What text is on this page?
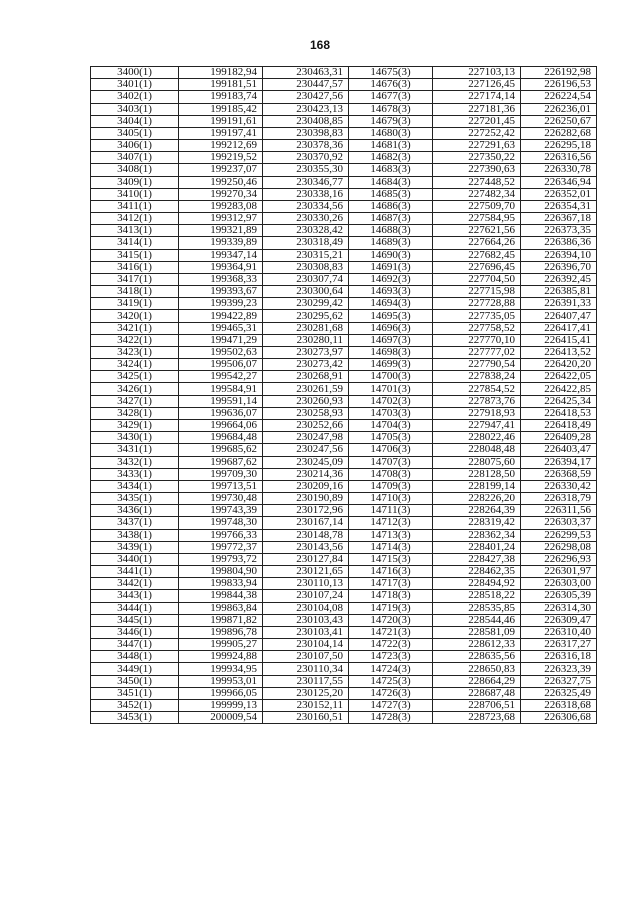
168
3400(1)	199182,94	230463,31	14675(3)	227103,13	226192,98
3401(1)	199181,51	230447,57	14676(3)	227126,45	226196,53
3402(1)	199183,74	230427,56	14677(3)	227174,14	226224,54
3403(1)	199185,42	230423,13	14678(3)	227181,36	226236,01
3404(1)	199191,61	230408,85	14679(3)	227201,45	226250,67
3405(1)	199197,41	230398,83	14680(3)	227252,42	226282,68
3406(1)	199212,69	230378,36	14681(3)	227291,63	226295,18
3407(1)	199219,52	230370,92	14682(3)	227350,22	226316,56
3408(1)	199237,07	230355,30	14683(3)	227390,63	226330,78
3409(1)	199250,46	230346,77	14684(3)	227448,52	226346,94
3410(1)	199270,34	230338,16	14685(3)	227482,34	226352,01
3411(1)	199283,08	230334,56	14686(3)	227509,70	226354,31
3412(1)	199312,97	230330,26	14687(3)	227584,95	226367,18
3413(1)	199321,89	230328,42	14688(3)	227621,56	226373,35
3414(1)	199339,89	230318,49	14689(3)	227664,26	226386,36
3415(1)	199347,14	230315,21	14690(3)	227682,45	226394,10
3416(1)	199364,91	230308,83	14691(3)	227696,45	226396,70
3417(1)	199368,33	230307,74	14692(3)	227704,50	226392,45
3418(1)	199393,67	230300,64	14693(3)	227715,98	226385,81
3419(1)	199399,23	230299,42	14694(3)	227728,88	226391,33
3420(1)	199422,89	230295,62	14695(3)	227735,05	226407,47
3421(1)	199465,31	230281,68	14696(3)	227758,52	226417,41
3422(1)	199471,29	230280,11	14697(3)	227770,10	226415,41
3423(1)	199502,63	230273,97	14698(3)	227777,02	226413,52
3424(1)	199506,07	230273,42	14699(3)	227790,54	226420,20
3425(1)	199542,27	230268,91	14700(3)	227838,24	226422,05
3426(1)	199584,91	230261,59	14701(3)	227854,52	226422,85
3427(1)	199591,14	230260,93	14702(3)	227873,76	226425,34
3428(1)	199636,07	230258,93	14703(3)	227918,93	226418,53
3429(1)	199664,06	230252,66	14704(3)	227947,41	226418,49
3430(1)	199684,48	230247,98	14705(3)	228022,46	226409,28
3431(1)	199685,62	230247,56	14706(3)	228048,48	226403,47
3432(1)	199687,62	230245,09	14707(3)	228075,60	226394,17
3433(1)	199709,30	230214,36	14708(3)	228128,50	226368,59
3434(1)	199713,51	230209,16	14709(3)	228199,14	226330,42
3435(1)	199730,48	230190,89	14710(3)	228226,20	226318,79
3436(1)	199743,39	230172,96	14711(3)	228264,39	226311,56
3437(1)	199748,30	230167,14	14712(3)	228319,42	226303,37
3438(1)	199766,33	230148,78	14713(3)	228362,34	226299,53
3439(1)	199772,37	230143,56	14714(3)	228401,24	226298,08
3440(1)	199793,72	230127,84	14715(3)	228427,38	226296,93
3441(1)	199804,90	230121,65	14716(3)	228462,35	226301,97
3442(1)	199833,94	230110,13	14717(3)	228494,92	226303,00
3443(1)	199844,38	230107,24	14718(3)	228518,22	226305,39
3444(1)	199863,84	230104,08	14719(3)	228535,85	226314,30
3445(1)	199871,82	230103,43	14720(3)	228544,46	226309,47
3446(1)	199896,78	230103,41	14721(3)	228581,09	226310,40
3447(1)	199905,27	230104,14	14722(3)	228612,33	226317,27
3448(1)	199924,88	230107,50	14723(3)	228635,56	226316,18
3449(1)	199934,95	230110,34	14724(3)	228650,83	226323,39
3450(1)	199953,01	230117,55	14725(3)	228664,29	226327,75
3451(1)	199966,05	230125,20	14726(3)	228687,48	226325,49
3452(1)	199999,13	230152,11	14727(3)	228706,51	226318,68
3453(1)	200009,54	230160,51	14728(3)	228723,68	226306,68
